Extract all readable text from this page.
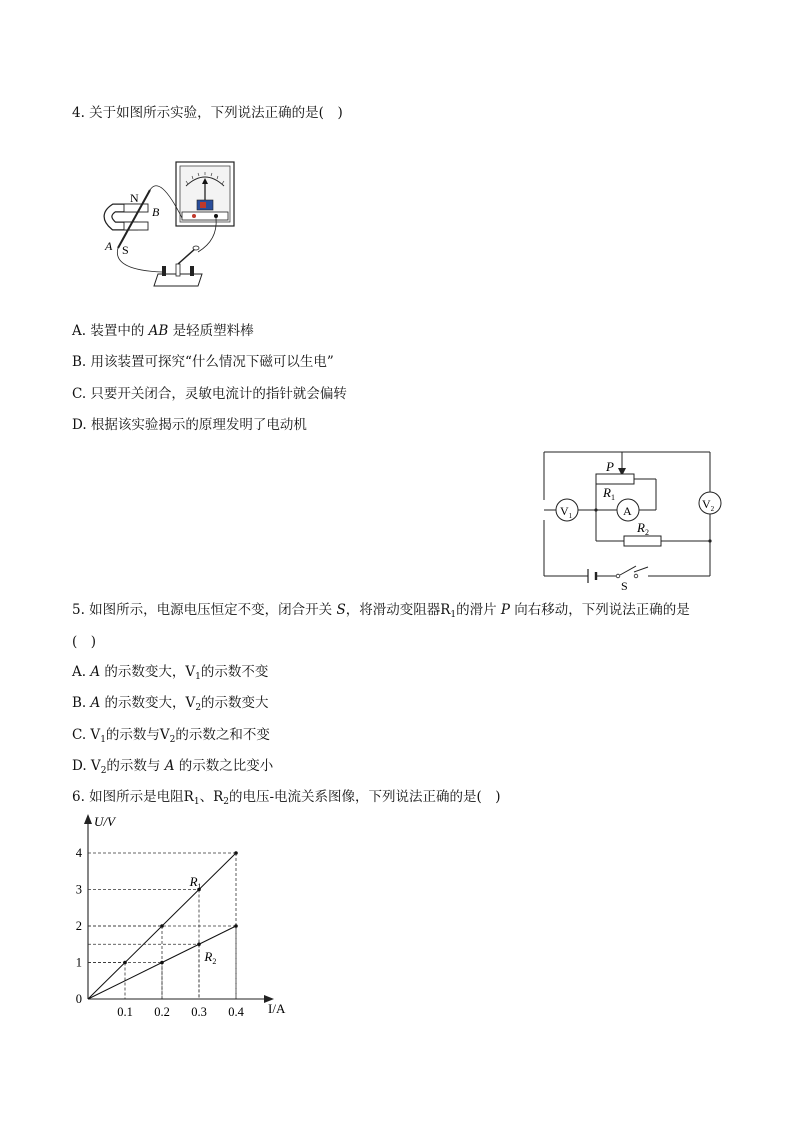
4. 关于如图所示实验，下列说法正确的是(　)
N
S
A
B
A. 装置中的 AB 是轻质塑料棒
B. 用该装置可探究“什么情况下磁可以生电”
C. 只要开关闭合，灵敏电流计的指针就会偏转
D. 根据该实验揭示的原理发明了电动机
P
$R_1$
A
$V_1$
$V_2$
$R_2$
S
5. 如图所示，电源电压恒定不变，闭合开关 S，将滑动变阻器$R_1$的滑片 P 向右移动，下列说法正确的是
(　)
A. A 的示数变大，$V_1$的示数不变
B. A 的示数变大，$V_2$的示数变大
C. $V_1$的示数与$V_2$的示数之和不变
D. $V_2$的示数与 A 的示数之比变小
6. 如图所示是电阻$R_1$、$R_2$的电压-电流关系图像，下列说法正确的是(　)
U/V
I/A
$R_1$
$R_2$
0.1 0.2 0.3 0.4
0
1
2
3
4
